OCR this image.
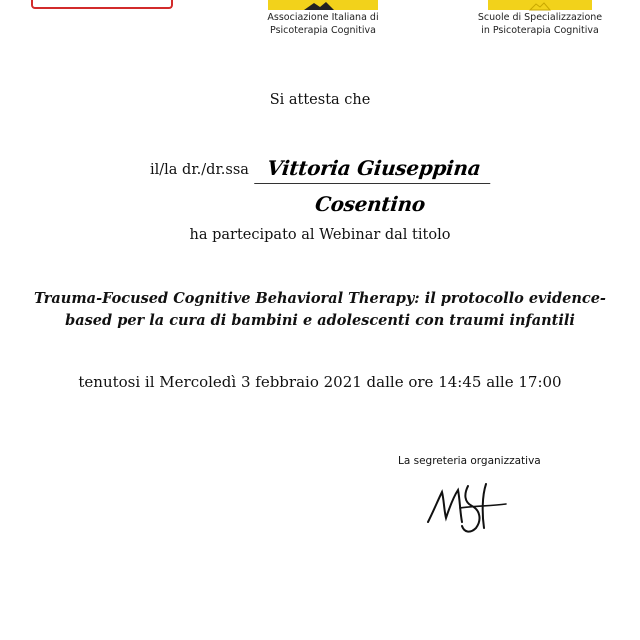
Associazione Italiana di
Psicoterapia Cognitiva
Scuole di Specializzazione
in Psicoterapia Cognitiva
Si attesta che
il/la dr./dr.ssa Vittoria Giuseppina Cosentino
ha partecipato al Webinar dal titolo
Trauma-Focused Cognitive Behavioral Therapy: il protocollo evidence-
based per la cura di bambini e adolescenti con traumi infantili
tenutosi il Mercoledì 3 febbraio 2021 dalle ore 14:45 alle 17:00
La segreteria organizzativa
